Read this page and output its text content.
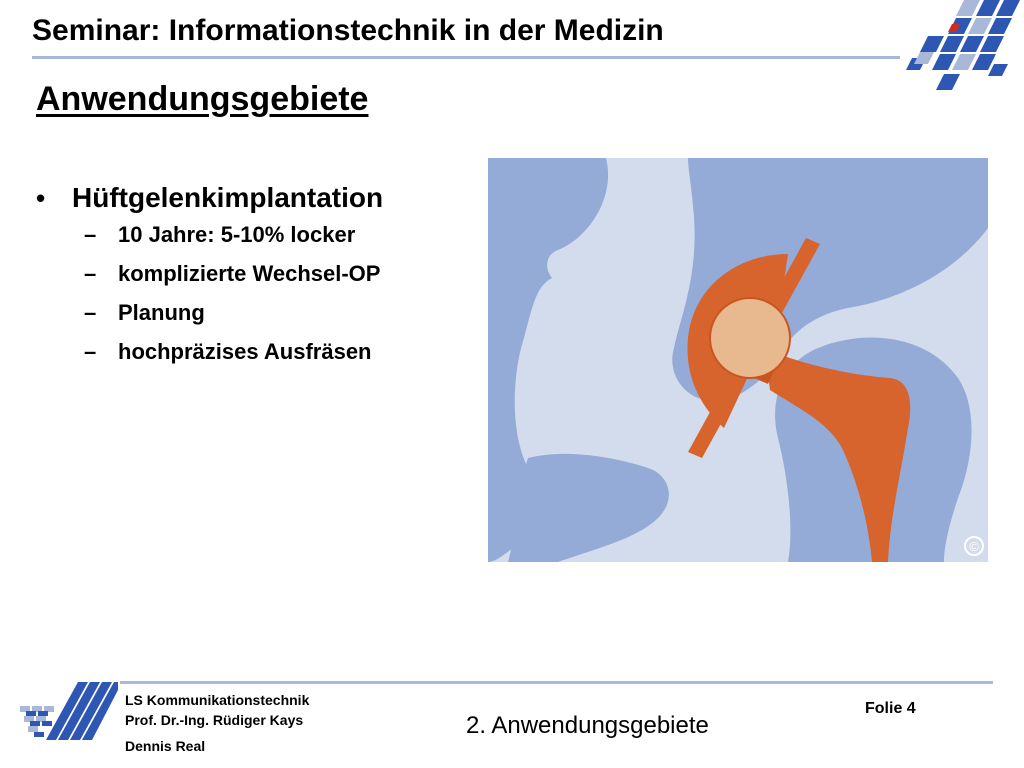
Seminar: Informationstechnik in der Medizin
Anwendungsgebiete
• Hüftgelenkimplantation
– 10 Jahre: 5-10% locker
– komplizierte Wechsel-OP
– Planung
– hochpräzises Ausfräsen
©
LS Kommunikationstechnik
Prof. Dr.-Ing. Rüdiger Kays
Dennis Real
2. Anwendungsgebiete
Folie 4
